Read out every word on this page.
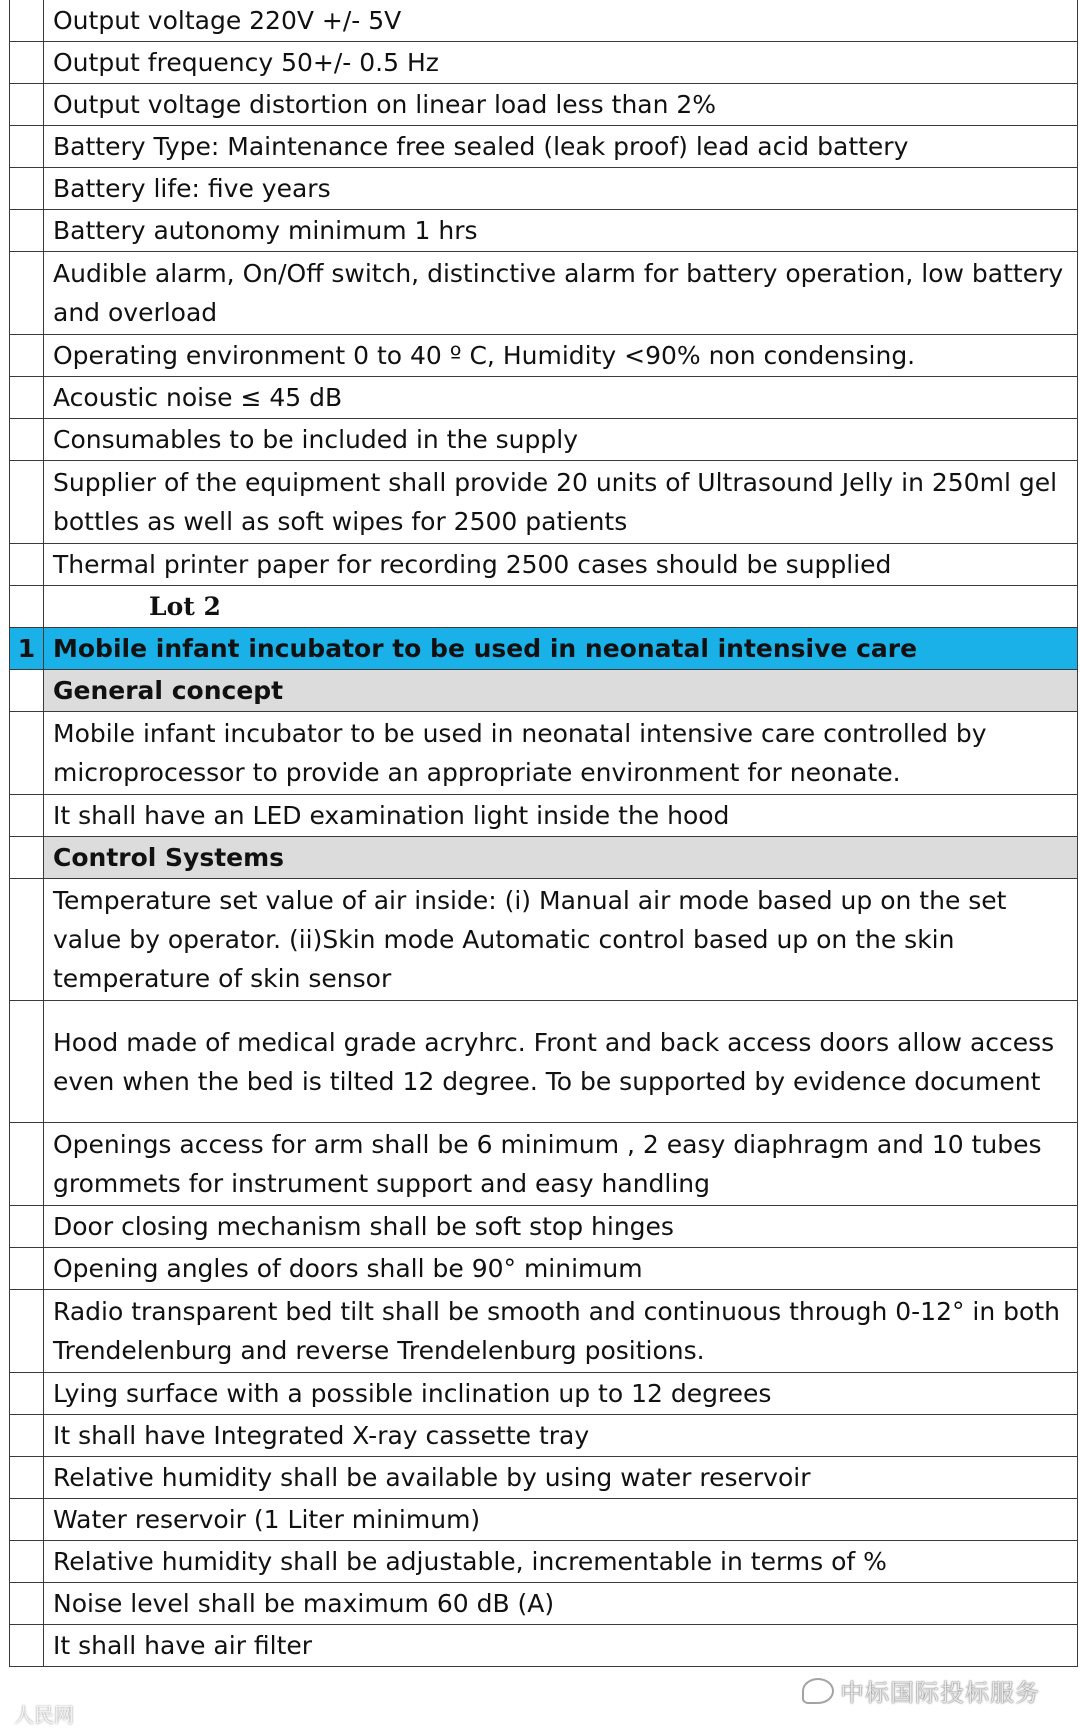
	Output voltage 220V +/- 5V
	Output frequency 50+/- 0.5 Hz
	Output voltage distortion on linear load less than 2%
	Battery Type: Maintenance free sealed (leak proof) lead acid battery
	Battery life: five years
	Battery autonomy minimum 1 hrs
	Audible alarm, On/Off switch, distinctive alarm for battery operation, low battery and overload
	Operating environment 0 to 40 º C, Humidity <90% non condensing.
	Acoustic noise ≤ 45 dB
	Consumables to be included in the supply
	Supplier of the equipment shall provide 20 units of Ultrasound Jelly in 250ml gel bottles as well as soft wipes for 2500 patients
	Thermal printer paper for recording 2500 cases should be supplied
	Lot 2
1	Mobile infant incubator to be used in neonatal intensive care
	General concept
	Mobile infant incubator to be used in neonatal intensive care controlled by microprocessor to provide an appropriate environment for neonate.
	It shall have an LED examination light inside the hood
	Control Systems
	Temperature set value of air inside: (i) Manual air mode based up on the set value by operator. (ii)Skin mode Automatic control based up on the skin temperature of skin sensor
	Hood made of medical grade acryhrc. Front and back access doors allow access even when the bed is tilted 12 degree. To be supported by evidence document
	Openings access for arm shall be 6 minimum , 2 easy diaphragm and 10 tubes grommets for instrument support and easy handling
	Door closing mechanism shall be soft stop hinges
	Opening angles of doors shall be 90° minimum
	Radio transparent bed tilt shall be smooth and continuous through 0-12° in both Trendelenburg and reverse Trendelenburg positions.
	Lying surface with a possible inclination up to 12 degrees
	It shall have Integrated X-ray cassette tray
	Relative humidity shall be available by using water reservoir
	Water reservoir (1 Liter minimum)
	Relative humidity shall be adjustable, incrementable in terms of %
	Noise level shall be maximum 60 dB (A)
	It shall have air filter
中标国际投标服务
人民网
